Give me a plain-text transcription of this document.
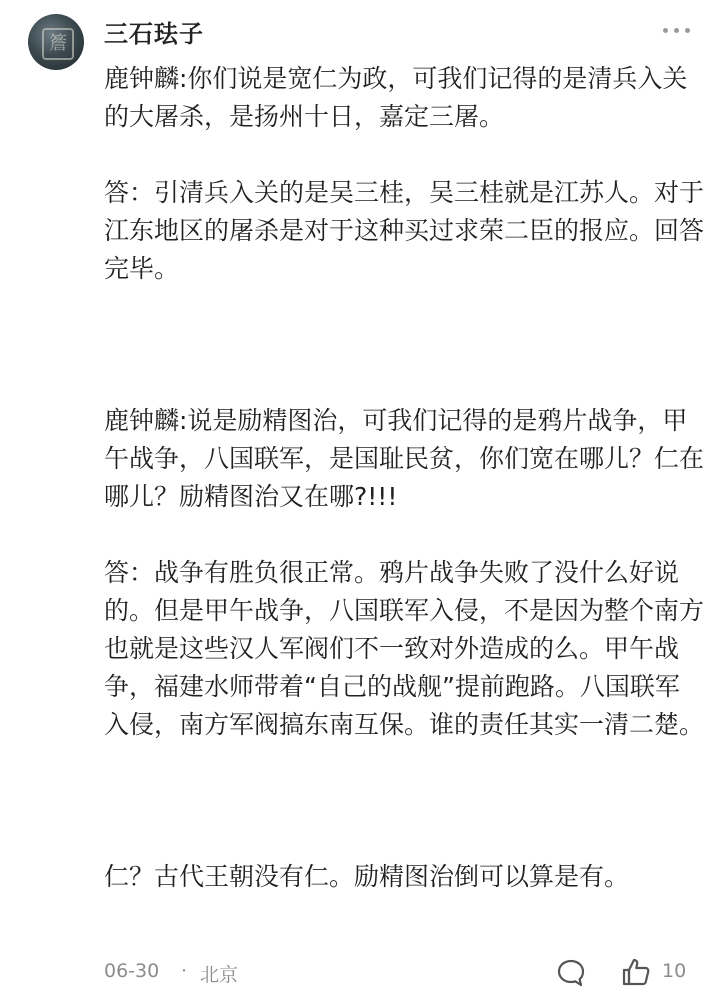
簷 三石珐子

鹿钟麟:你们说是宽仁为政，可我们记得的是清兵入关的大屠杀，是扬州十日，嘉定三屠。

答：引清兵入关的是吴三桂，吴三桂就是江苏人。对于江东地区的屠杀是对于这种买过求荣二臣的报应。回答完毕。

鹿钟麟:说是励精图治，可我们记得的是鸦片战争，甲午战争，八国联军，是国耻民贫，你们宽在哪儿？仁在哪儿？励精图治又在哪?!!!

答：战争有胜负很正常。鸦片战争失败了没什么好说的。但是甲午战争，八国联军入侵，不是因为整个南方也就是这些汉人军阀们不一致对外造成的么。甲午战争，福建水师带着“自己的战舰”提前跑路。八国联军入侵，南方军阀搞东南互保。谁的责任其实一清二楚。

仁？古代王朝没有仁。励精图治倒可以算是有。

06-30 · 北京	10
